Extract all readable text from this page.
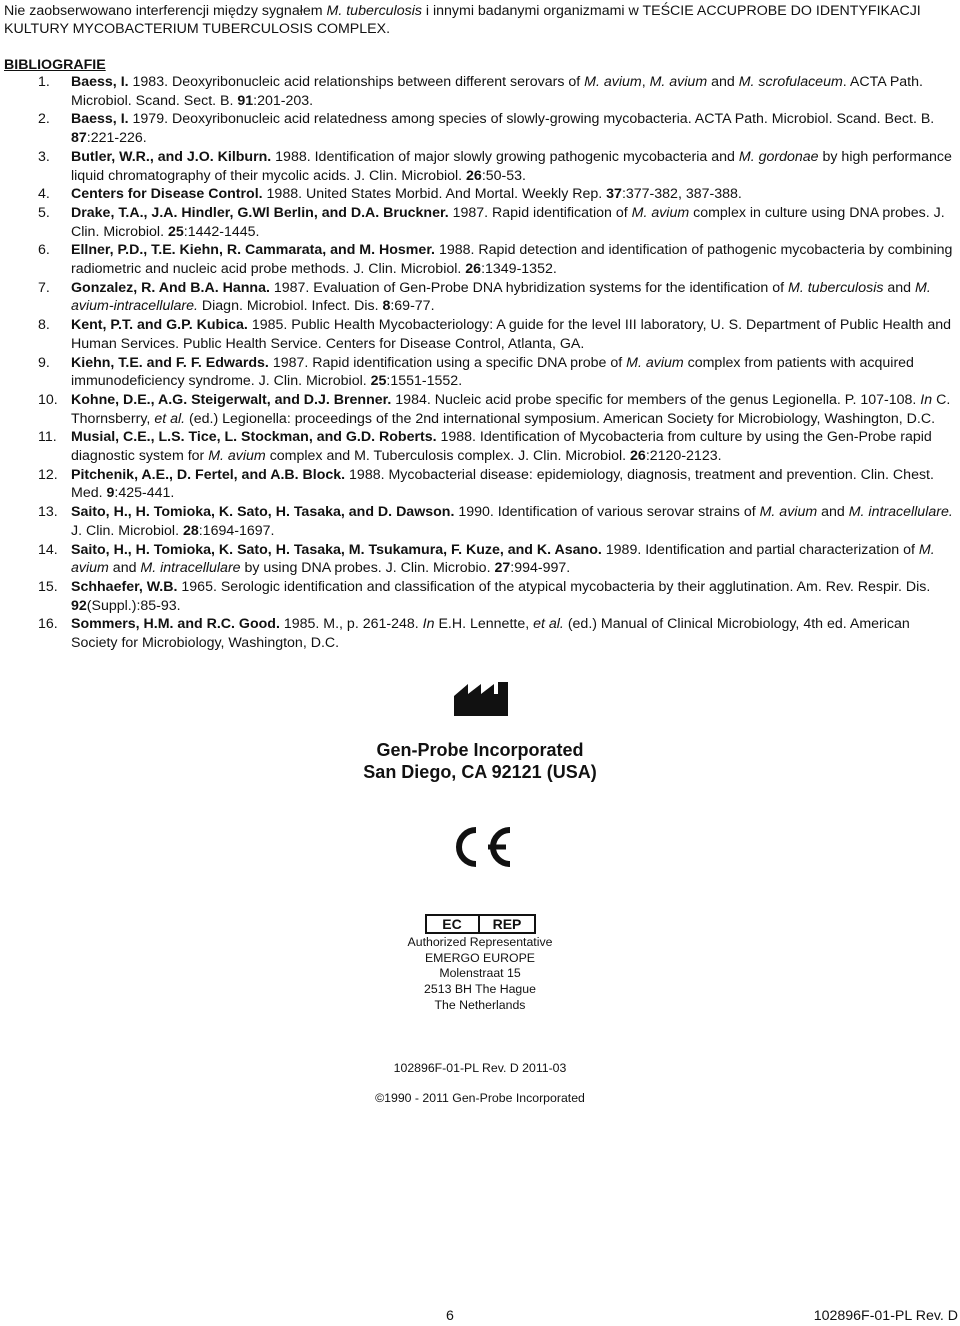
Nie zaobserwowano interferencji między sygnałem M. tuberculosis i innymi badanymi organizmami w TEŚCIE ACCUPROBE DO IDENTYFIKACJI KULTURY MYCOBACTERIUM TUBERCULOSIS COMPLEX.
BIBLIOGRAFIE
1.	Baess, I. 1983. Deoxyribonucleic acid relationships between different serovars of M. avium, M. avium and M. scrofulaceum. ACTA Path. Microbiol. Scand. Sect. B. 91:201-203.
2.	Baess, I. 1979. Deoxyribonucleic acid relatedness among species of slowly-growing mycobacteria. ACTA Path. Microbiol. Scand. Bect. B. 87:221-226.
3.	Butler, W.R., and J.O. Kilburn. 1988. Identification of major slowly growing pathogenic mycobacteria and M. gordonae by high performance liquid chromatography of their mycolic acids. J. Clin. Microbiol. 26:50-53.
4.	Centers for Disease Control. 1988. United States Morbid. And Mortal. Weekly Rep. 37:377-382, 387-388.
5.	Drake, T.A., J.A. Hindler, G.Wl Berlin, and D.A. Bruckner. 1987. Rapid identification of M. avium complex in culture using DNA probes. J. Clin. Microbiol. 25:1442-1445.
6.	Ellner, P.D., T.E. Kiehn, R. Cammarata, and M. Hosmer. 1988. Rapid detection and identification of pathogenic mycobacteria by combining radiometric and nucleic acid probe methods. J. Clin. Microbiol. 26:1349-1352.
7.	Gonzalez, R. And B.A. Hanna. 1987. Evaluation of Gen-Probe DNA hybridization systems for the identification of M. tuberculosis and M. avium-intracellulare. Diagn. Microbiol. Infect. Dis. 8:69-77.
8.	Kent, P.T. and G.P. Kubica. 1985. Public Health Mycobacteriology: A guide for the level III laboratory, U. S. Department of Public Health and Human Services. Public Health Service. Centers for Disease Control, Atlanta, GA.
9.	Kiehn, T.E. and F. F. Edwards. 1987. Rapid identification using a specific DNA probe of M. avium complex from patients with acquired immunodeficiency syndrome. J. Clin. Microbiol. 25:1551-1552.
10. Kohne, D.E., A.G. Steigerwalt, and D.J. Brenner. 1984. Nucleic acid probe specific for members of the genus Legionella. P. 107-108. In C. Thornsberry, et al. (ed.) Legionella: proceedings of the 2nd international symposium. American Society for Microbiology, Washington, D.C.
11.	Musial, C.E., L.S. Tice, L. Stockman, and G.D. Roberts. 1988. Identification of Mycobacteria from culture by using the Gen-Probe rapid diagnostic system for M. avium complex and M. Tuberculosis complex. J. Clin. Microbiol. 26:2120-2123.
12. Pitchenik, A.E., D. Fertel, and A.B. Block. 1988. Mycobacterial disease: epidemiology, diagnosis, treatment and prevention. Clin. Chest. Med. 9:425-441.
13. Saito, H., H. Tomioka, K. Sato, H. Tasaka, and D. Dawson. 1990. Identification of various serovar strains of M. avium and M. intracellulare. J. Clin. Microbiol. 28:1694-1697.
14. Saito, H., H. Tomioka, K. Sato, H. Tasaka, M. Tsukamura, F. Kuze, and K. Asano. 1989. Identification and partial characterization of M. avium and M. intracellulare by using DNA probes. J. Clin. Microbio. 27:994-997.
15. Schhaefer, W.B. 1965. Serologic identification and classification of the atypical mycobacteria by their agglutination. Am. Rev. Respir. Dis. 92(Suppl.):85-93.
16. Sommers, H.M. and R.C. Good. 1985. M., p. 261-248. In E.H. Lennette, et al. (ed.) Manual of Clinical Microbiology, 4th ed. American Society for Microbiology, Washington, D.C.
Gen-Probe Incorporated
San Diego, CA 92121 (USA)
EC REP
Authorized Representative
EMERGO EUROPE
Molenstraat 15
2513 BH The Hague
The Netherlands
102896F-01-PL Rev. D 2011-03
©1990 - 2011 Gen-Probe Incorporated
6	102896F-01-PL Rev. D
